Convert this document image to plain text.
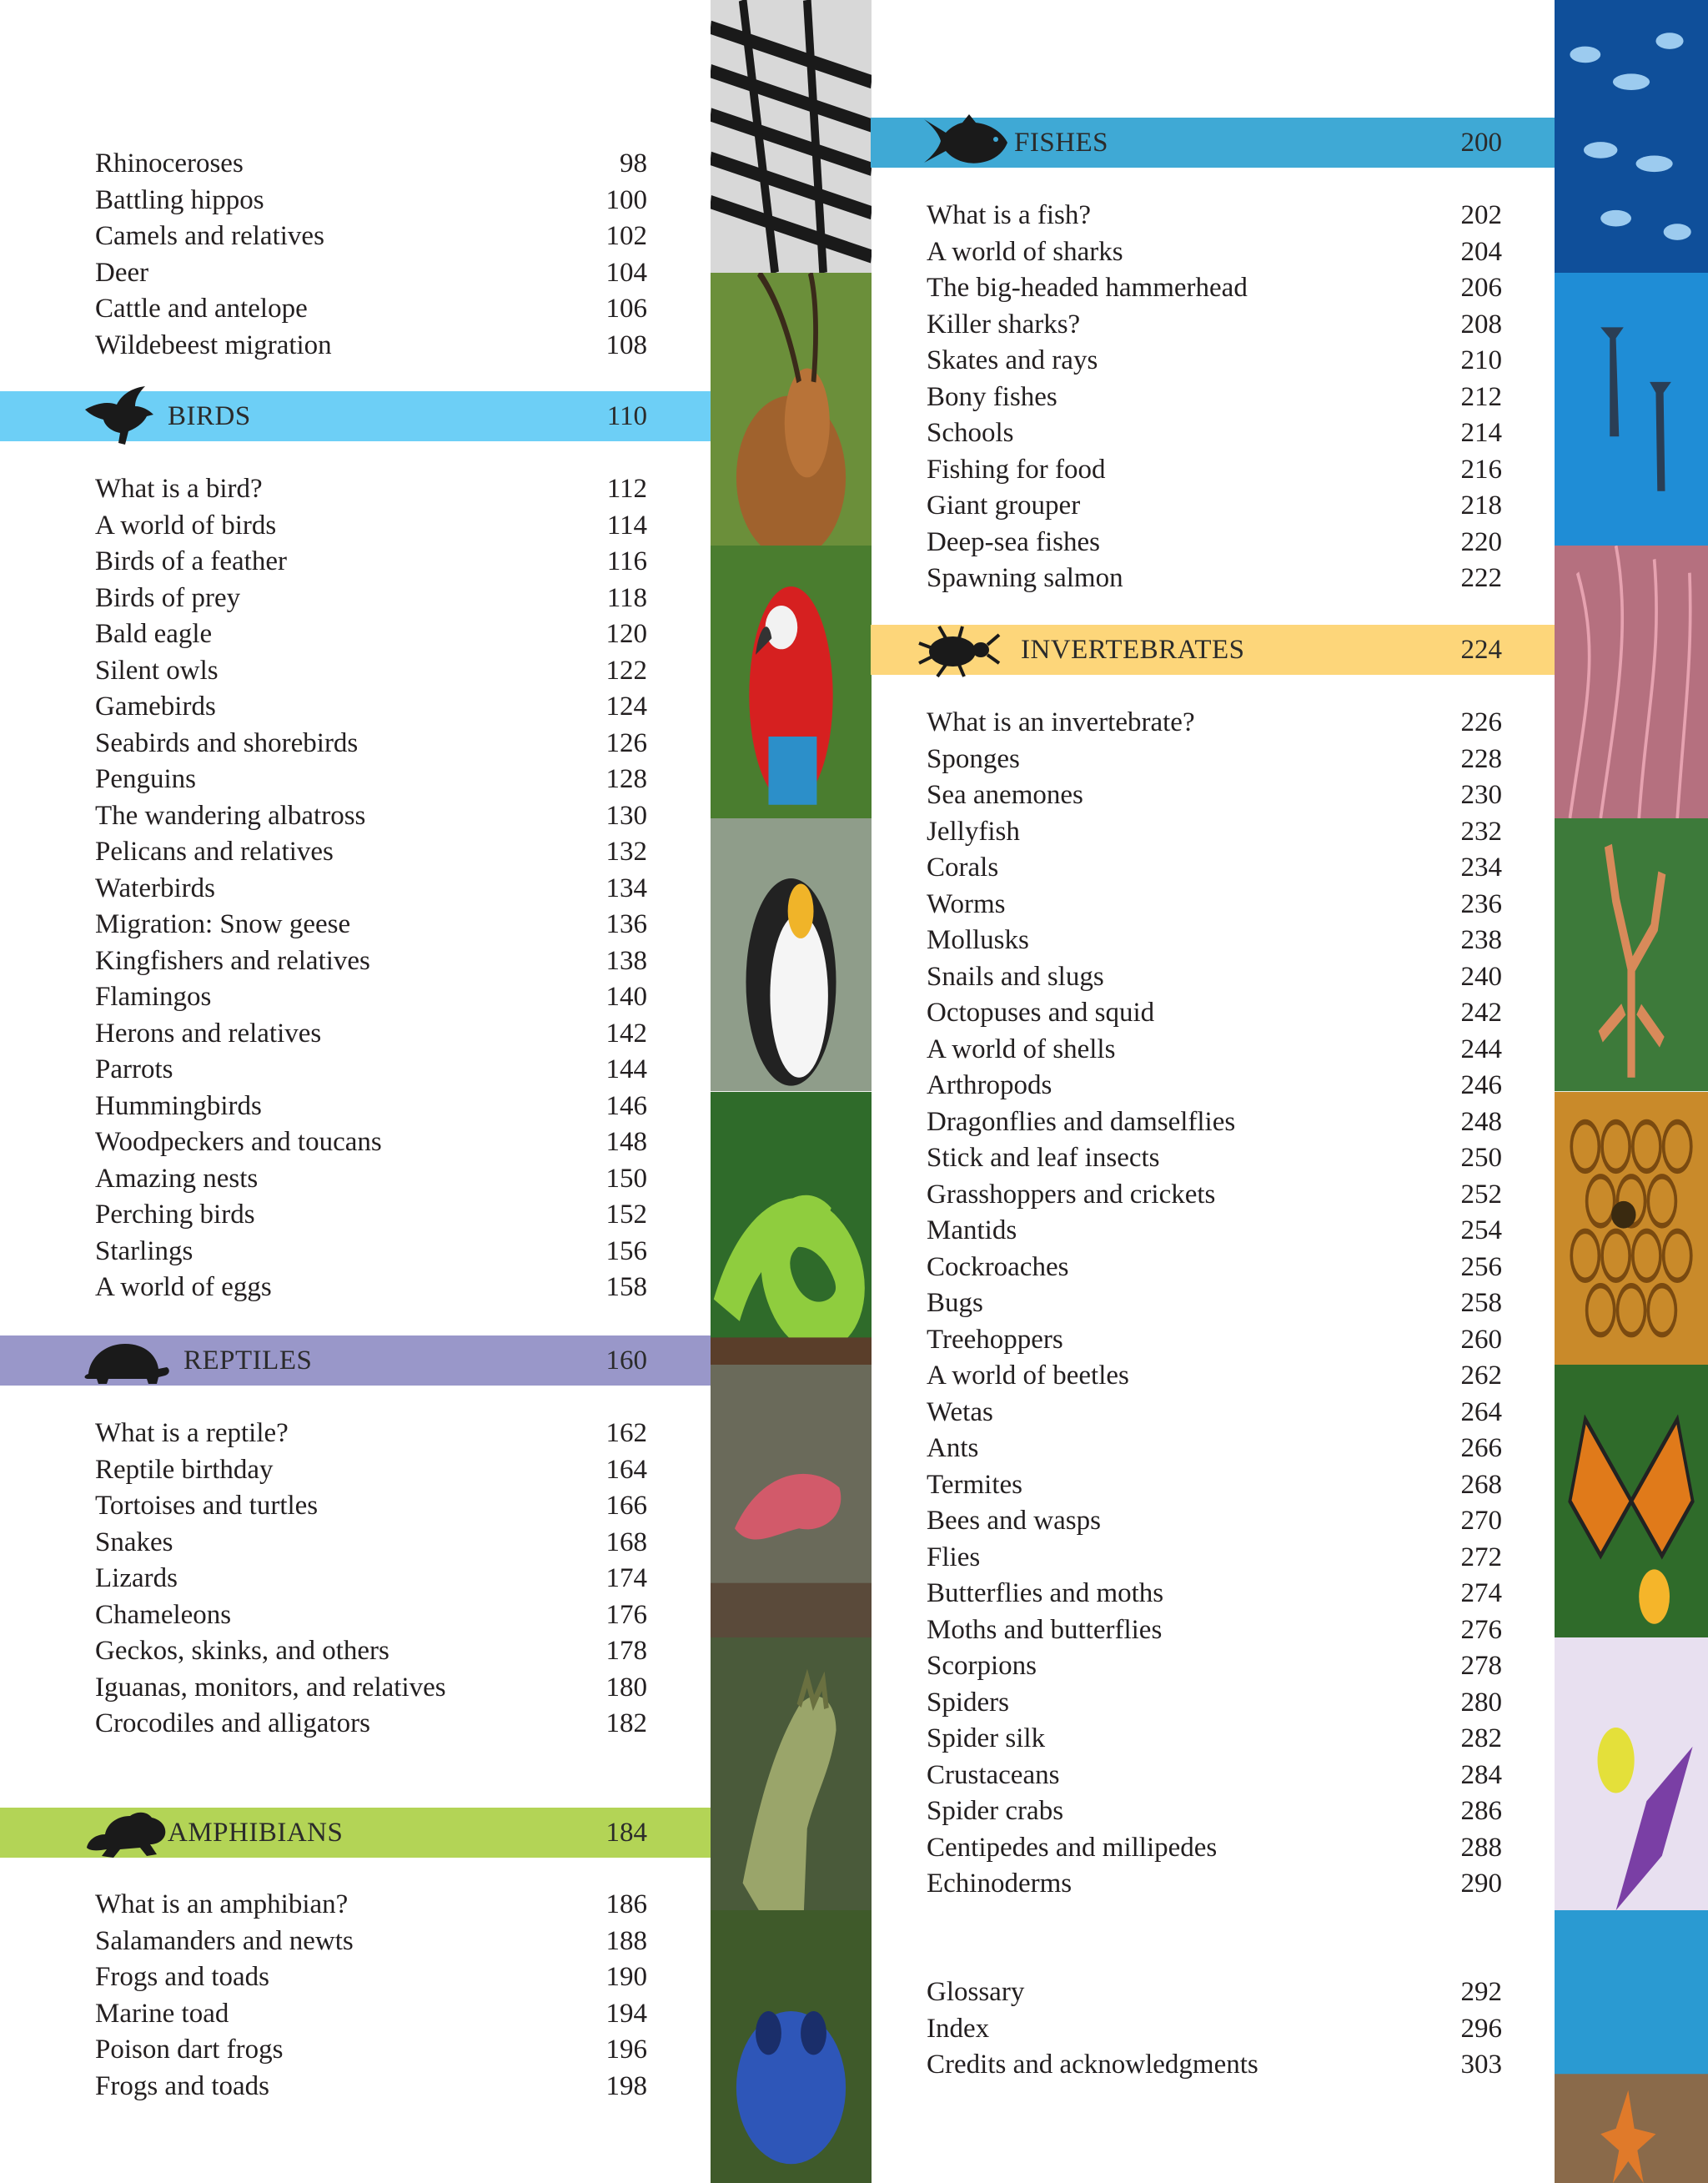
Rhinoceroses	98
Battling hippos	100
Camels and relatives	102
Deer	104
Cattle and antelope	106
Wildebeest migration	108
BIRDS	110
What is a bird?	112
A world of birds	114
Birds of a feather	116
Birds of prey	118
Bald eagle	120
Silent owls	122
Gamebirds	124
Seabirds and shorebirds	126
Penguins	128
The wandering albatross	130
Pelicans and relatives	132
Waterbirds	134
Migration: Snow geese	136
Kingfishers and relatives	138
Flamingos	140
Herons and relatives	142
Parrots	144
Hummingbirds	146
Woodpeckers and toucans	148
Amazing nests	150
Perching birds	152
Starlings	156
A world of eggs	158
REPTILES	160
What is a reptile?	162
Reptile birthday	164
Tortoises and turtles	166
Snakes	168
Lizards	174
Chameleons	176
Geckos, skinks, and others	178
Iguanas, monitors, and relatives	180
Crocodiles and alligators	182
AMPHIBIANS	184
What is an amphibian?	186
Salamanders and newts	188
Frogs and toads	190
Marine toad	194
Poison dart frogs	196
Frogs and toads	198
FISHES	200
What is a fish?	202
A world of sharks	204
The big-headed hammerhead	206
Killer sharks?	208
Skates and rays	210
Bony fishes	212
Schools	214
Fishing for food	216
Giant grouper	218
Deep-sea fishes	220
Spawning salmon	222
INVERTEBRATES	224
What is an invertebrate?	226
Sponges	228
Sea anemones	230
Jellyfish	232
Corals	234
Worms	236
Mollusks	238
Snails and slugs	240
Octopuses and squid	242
A world of shells	244
Arthropods	246
Dragonflies and damselflies	248
Stick and leaf insects	250
Grasshoppers and crickets	252
Mantids	254
Cockroaches	256
Bugs	258
Treehoppers	260
A world of beetles	262
Wetas	264
Ants	266
Termites	268
Bees and wasps	270
Flies	272
Butterflies and moths	274
Moths and butterflies	276
Scorpions	278
Spiders	280
Spider silk	282
Crustaceans	284
Spider crabs	286
Centipedes and millipedes	288
Echinoderms	290
Glossary	292
Index	296
Credits and acknowledgments	303
